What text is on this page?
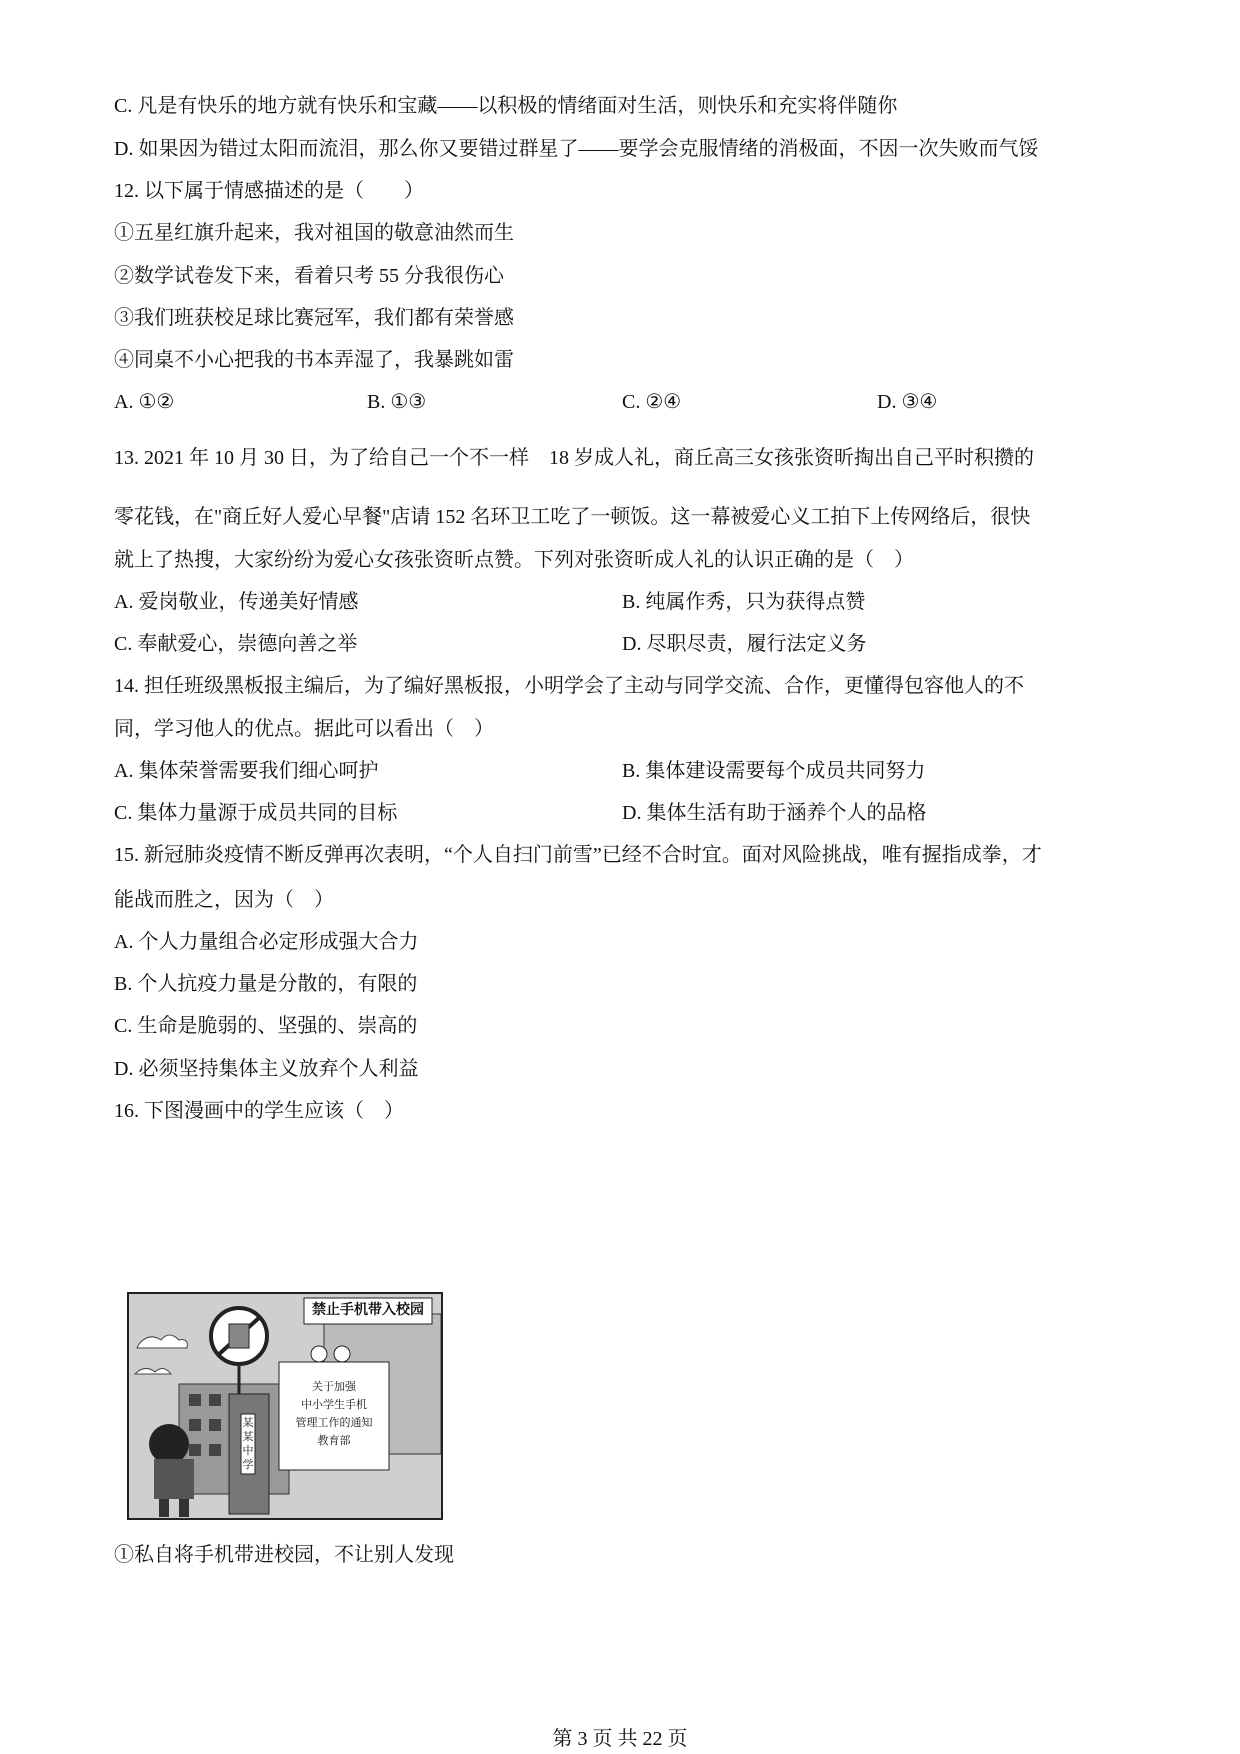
C. 凡是有快乐的地方就有快乐和宝藏——以积极的情绪面对生活，则快乐和充实将伴随你
D. 如果因为错过太阳而流泪，那么你又要错过群星了——要学会克服情绪的消极面，不因一次失败而气馁
12. 以下属于情感描述的是（　　）
①五星红旗升起来，我对祖国的敬意油然而生
②数学试卷发下来，看着只考 55 分我很伤心
③我们班获校足球比赛冠军，我们都有荣誉感
④同桌不小心把我的书本弄湿了，我暴跳如雷
A. ①②	B. ①③	C. ②④	D. ③④
13. 2021 年 10 月 30 日，为了给自己一个不一样　18 岁成人礼，商丘高三女孩张资昕掏出自己平时积攒的
零花钱，在"商丘好人爱心早餐"店请 152 名环卫工吃了一顿饭。这一幕被爱心义工拍下上传网络后，很快
就上了热搜，大家纷纷为爱心女孩张资昕点赞。下列对张资昕成人礼的认识正确的是（　）
A. 爱岗敬业，传递美好情感	B. 纯属作秀，只为获得点赞
C. 奉献爱心，崇德向善之举	D. 尽职尽责，履行法定义务
14. 担任班级黑板报主编后，为了编好黑板报，小明学会了主动与同学交流、合作，更懂得包容他人的不
同，学习他人的优点。据此可以看出（　）
A. 集体荣誉需要我们细心呵护	B. 集体建设需要每个成员共同努力
C. 集体力量源于成员共同的目标	D. 集体生活有助于涵养个人的品格
15. 新冠肺炎疫情不断反弹再次表明，“个人自扫门前雪”已经不合时宜。面对风险挑战，唯有握指成拳，才
能战而胜之，因为（　）
A. 个人力量组合必定形成强大合力
B. 个人抗疫力量是分散的，有限的
C. 生命是脆弱的、坚强的、崇高的
D. 必须坚持集体主义放弃个人利益
16. 下图漫画中的学生应该（　）
禁止手机带入校园
关于加强
中小学生手机
管理工作的通知
教育部
某某中学
①私自将手机带进校园，不让别人发现
第 3 页 共 22 页
